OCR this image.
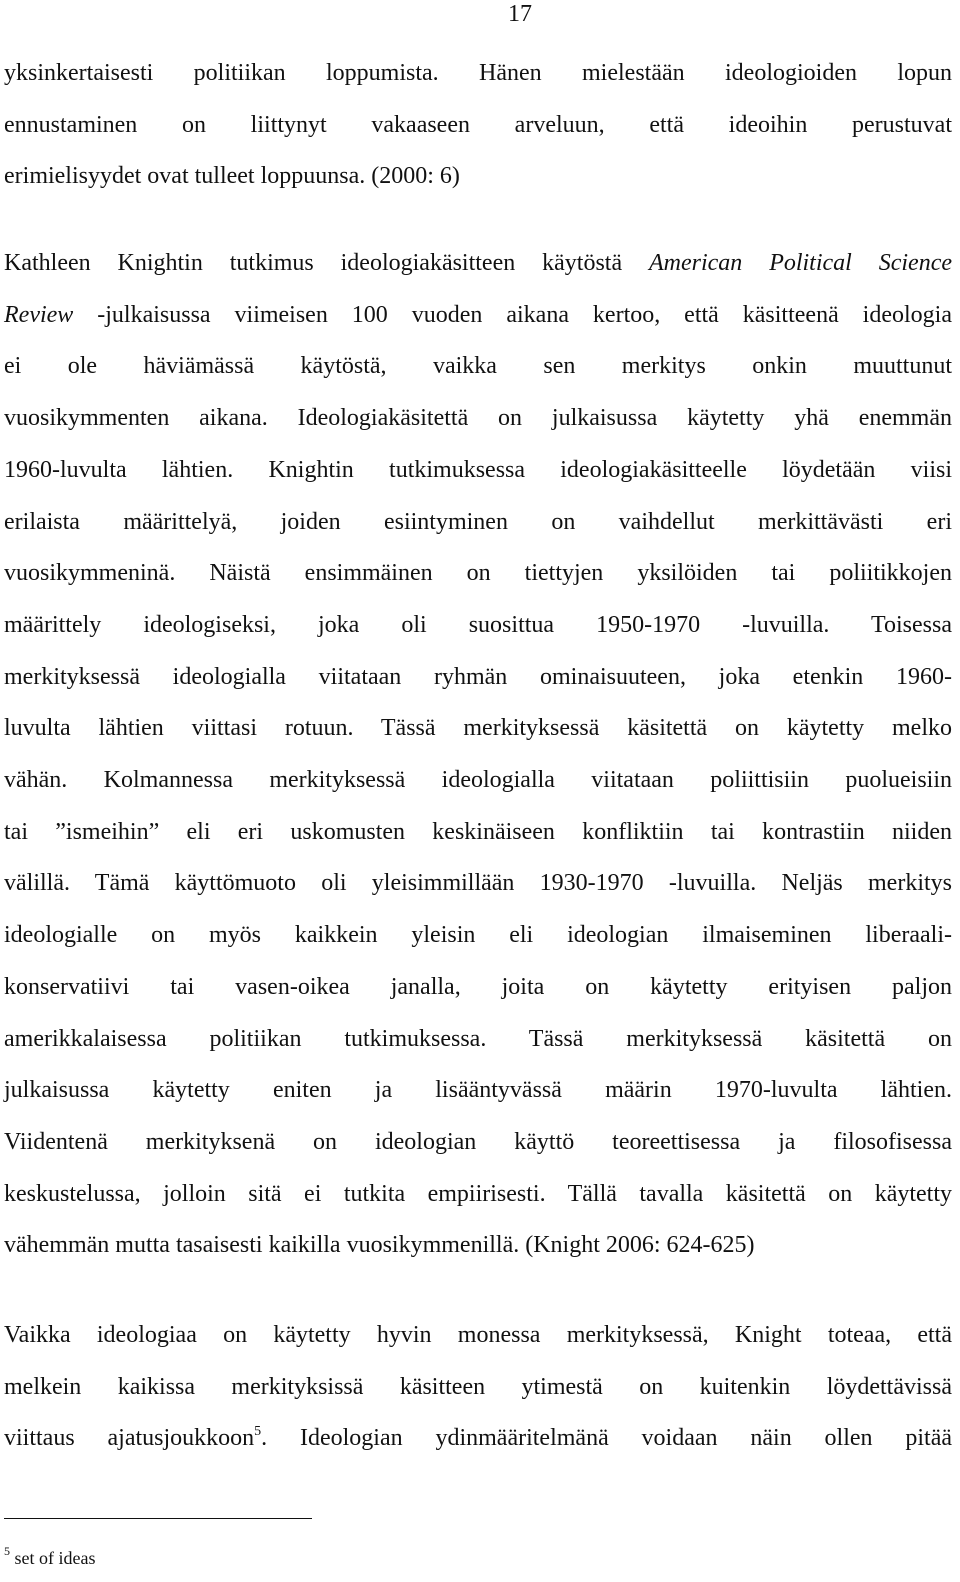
17
yksinkertaisesti politiikan loppumista. Hänen mielestään ideologioiden lopun
ennustaminen on liittynyt vakaaseen arveluun, että ideoihin perustuvat
erimielisyydet ovat tulleet loppuunsa. (2000: 6)
Kathleen Knightin tutkimus ideologiakäsitteen käytöstä American Political Science
Review -julkaisussa viimeisen 100 vuoden aikana kertoo, että käsitteenä ideologia
ei ole häviämässä käytöstä, vaikka sen merkitys onkin muuttunut
vuosikymmenten aikana. Ideologiakäsitettä on julkaisussa käytetty yhä enemmän
1960-luvulta lähtien. Knightin tutkimuksessa ideologiakäsitteelle löydetään viisi
erilaista määrittelyä, joiden esiintyminen on vaihdellut merkittävästi eri
vuosikymmeninä. Näistä ensimmäinen on tiettyjen yksilöiden tai poliitikkojen
määrittely ideologiseksi, joka oli suosittua 1950-1970 -luvuilla. Toisessa
merkityksessä ideologialla viitataan ryhmän ominaisuuteen, joka etenkin 1960-
luvulta lähtien viittasi rotuun. Tässä merkityksessä käsitettä on käytetty melko
vähän. Kolmannessa merkityksessä ideologialla viitataan poliittisiin puolueisiin
tai ”ismeihin” eli eri uskomusten keskinäiseen konfliktiin tai kontrastiin niiden
välillä. Tämä käyttömuoto oli yleisimmillään 1930-1970 -luvuilla. Neljäs merkitys
ideologialle on myös kaikkein yleisin eli ideologian ilmaiseminen liberaali-
konservatiivi tai vasen-oikea janalla, joita on käytetty erityisen paljon
amerikkalaisessa politiikan tutkimuksessa. Tässä merkityksessä käsitettä on
julkaisussa käytetty eniten ja lisääntyvässä määrin 1970-luvulta lähtien.
Viidentenä merkityksenä on ideologian käyttö teoreettisessa ja filosofisessa
keskustelussa, jolloin sitä ei tutkita empiirisesti. Tällä tavalla käsitettä on käytetty
vähemmän mutta tasaisesti kaikilla vuosikymmenillä. (Knight 2006: 624-625)
Vaikka ideologiaa on käytetty hyvin monessa merkityksessä, Knight toteaa, että
melkein kaikissa merkityksissä käsitteen ytimestä on kuitenkin löydettävissä
viittaus ajatusjoukkoon$^5$. Ideologian ydinmääritelmänä voidaan näin ollen pitää
$^5$ set of ideas
